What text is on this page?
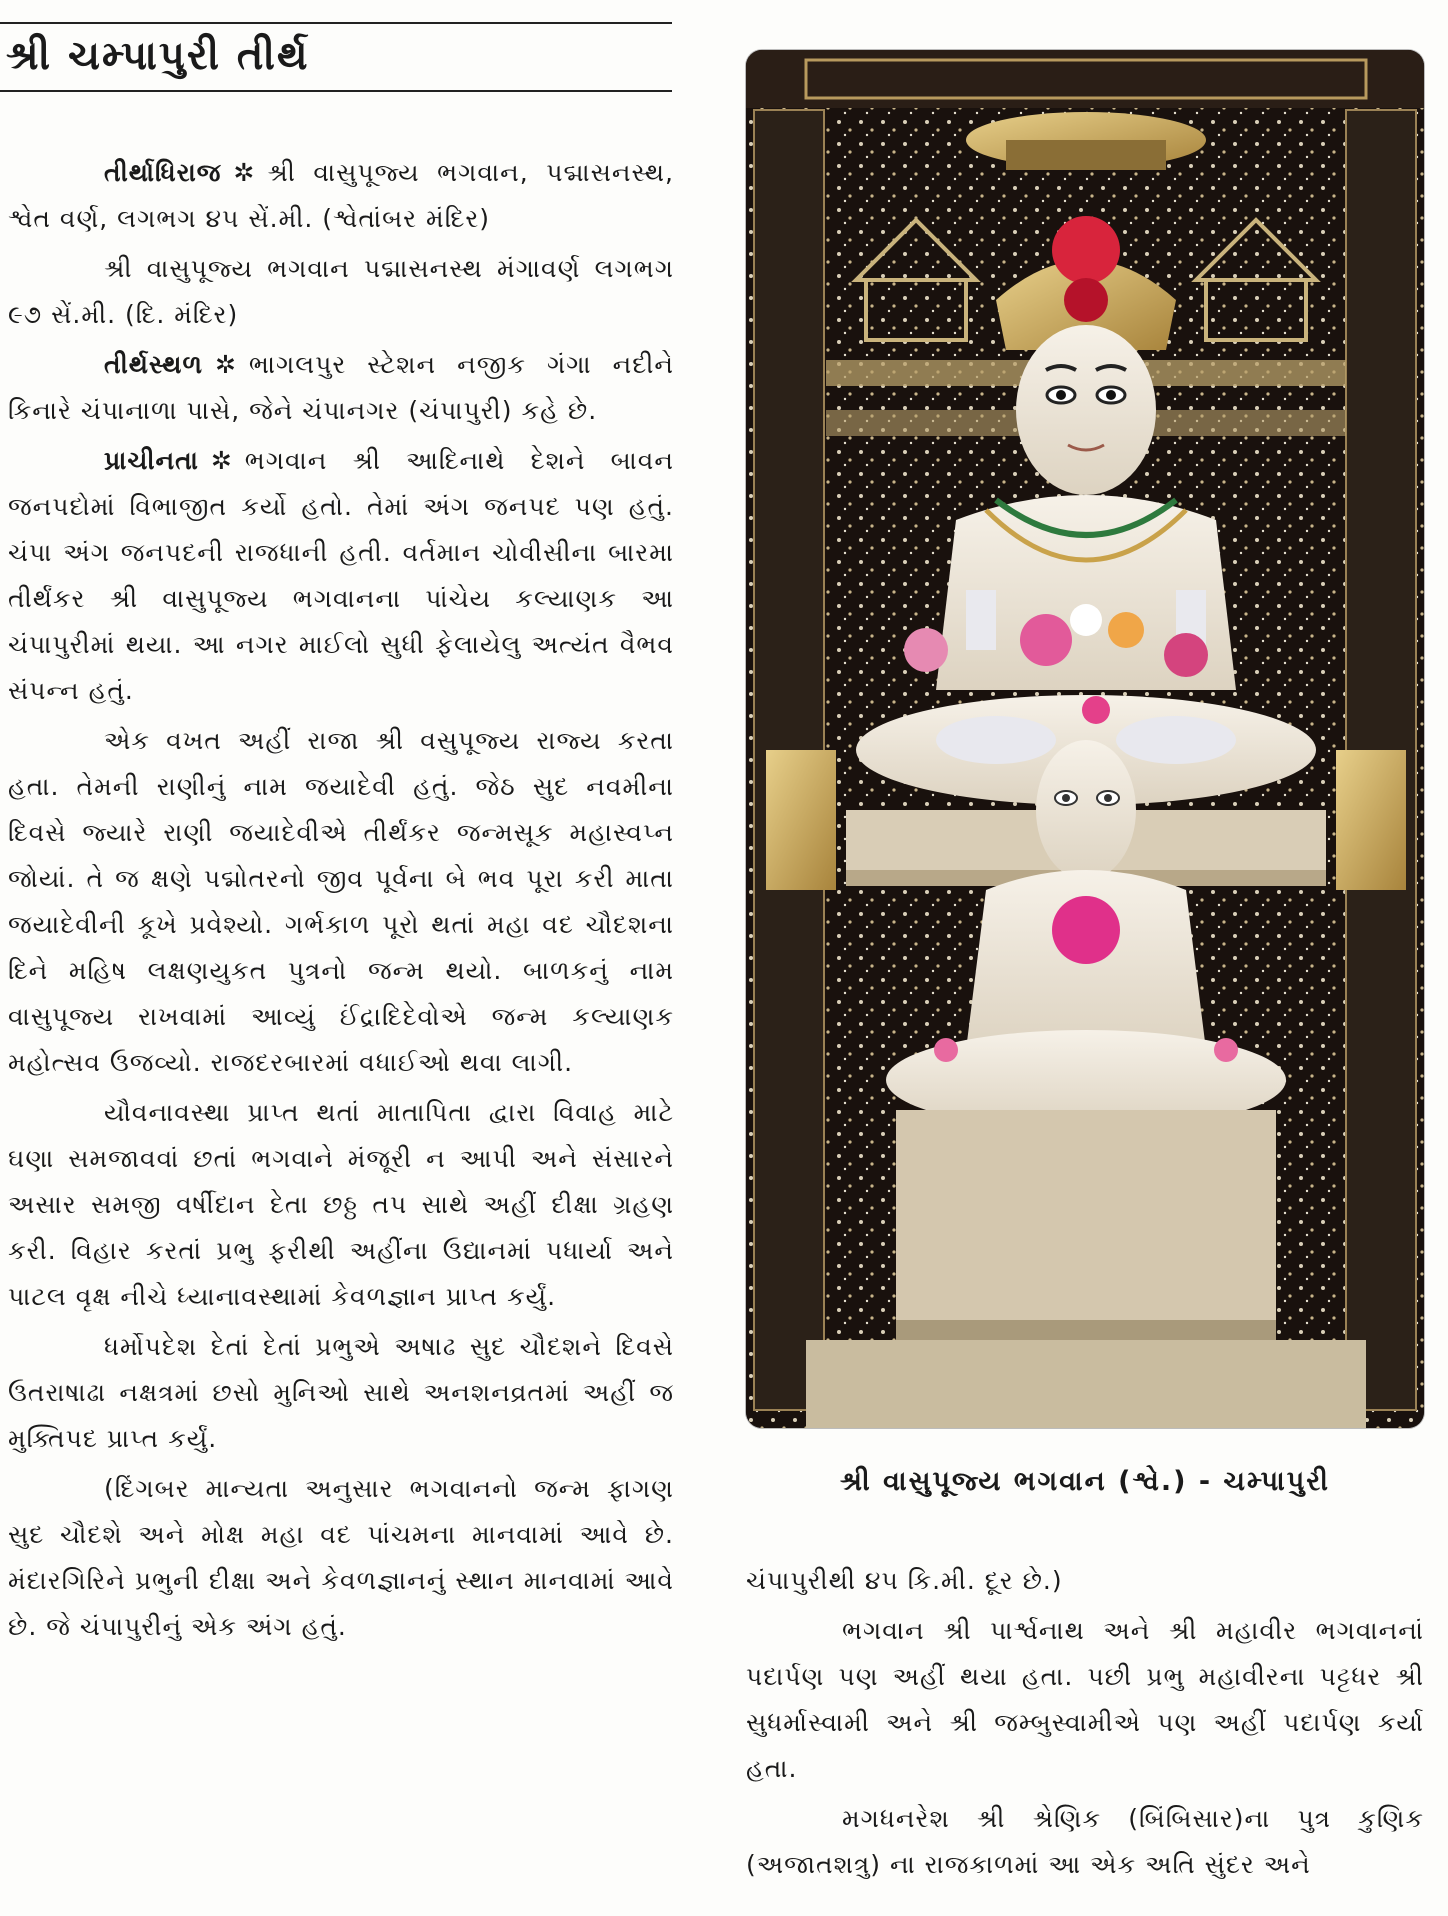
શ્રી ચમ્પાપુરી તીર્થ

તીર્થાધિરાજ ✲ શ્રી વાસુપૂજ્ય ભગવાન, પદ્માસનસ્થ, શ્વેત વર્ણ, લગભગ ૪૫ સેં.મી. (શ્વેતાંબર મંદિર)

શ્રી વાસુપૂજ્ય ભગવાન પદ્માસનસ્થ મંગાવર્ણ લગભગ ૯૭ સેં.મી. (દિ. મંદિર)

તીર્થસ્થળ ✲ ભાગલપુર સ્ટેશન નજીક ગંગા નદીને કિનારે ચંપાનાળા પાસે, જેને ચંપાનગર (ચંપાપુરી) કહે છે.

પ્રાચીનતા ✲ ભગવાન શ્રી આદિનાથે દેશને બાવન જનપદોમાં વિભાજીત કર્યો હતો. તેમાં અંગ જનપદ પણ હતું. ચંપા અંગ જનપદની રાજધાની હતી. વર્તમાન ચોવીસીના બારમા તીર્થંકર શ્રી વાસુપૂજ્ય ભગવાનના પાંચેય કલ્યાણક આ ચંપાપુરીમાં થયા. આ નગર માઈલો સુધી ફેલાયેલુ અત્યંત વૈભવ સંપન્ન હતું.

એક વખત અહીં રાજા શ્રી વસુપૂજ્ય રાજ્ય કરતા હતા. તેમની રાણીનું નામ જયાદેવી હતું. જેઠ સુદ નવમીના દિવસે જ્યારે રાણી જયાદેવીએ તીર્થંકર જન્મસૂક મહાસ્વપ્ન જોયાં. તે જ ક્ષણે પદ્મોતરનો જીવ પૂર્વના બે ભવ પૂરા કરી માતા જયાદેવીની કૂખે પ્રવેશ્યો. ગર્ભકાળ પૂરો થતાં મહા વદ ચૌદશના દિને મહિષ લક્ષણયુકત પુત્રનો જન્મ થયો. બાળકનું નામ વાસુપૂજ્ય રાખવામાં આવ્યું ઈંદ્રાદિદેવોએ જન્મ કલ્યાણક મહોત્સવ ઉજવ્યો. રાજદરબારમાં વધાઈઓ થવા લાગી.

યૌવનાવસ્થા પ્રાપ્ત થતાં માતાપિતા દ્વારા વિવાહ માટે ઘણા સમજાવવાં છતાં ભગવાને મંજૂરી ન આપી અને સંસારને અસાર સમજી વર્ષીદાન દેતા છઠ્ઠ તપ સાથે અહીં દીક્ષા ગ્રહણ કરી. વિહાર કરતાં પ્રભુ ફરીથી અહીંના ઉદ્યાનમાં પધાર્યા અને પાટલ વૃક્ષ નીચે ધ્યાનાવસ્થામાં કેવળજ્ઞાન પ્રાપ્ત કર્યું.

ધર્મોપદેશ દેતાં દેતાં પ્રભુએ અષાઢ સુદ ચૌદશને દિવસે ઉતરાષાઢા નક્ષત્રમાં છસો મુનિઓ સાથે અનશનવ્રતમાં અહીં જ મુક્તિપદ પ્રાપ્ત કર્યું.

(દિંગબર માન્યતા અનુસાર ભગવાનનો જન્મ ફાગણ સુદ ચૌદશે અને મોક્ષ મહા વદ પાંચમના માનવામાં આવે છે. મંદારગિરિને પ્રભુની દીક્ષા અને કેવળજ્ઞાનનું સ્થાન માનવામાં આવે છે. જે ચંપાપુરીનું એક અંગ હતું.

શ્રી વાસુપૂજ્ય ભગવાન (શ્વે.) - ચમ્પાપુરી

ચંપાપુરીથી ૪૫ કિ.મી. દૂર છે.)

ભગવાન શ્રી પાર્શ્વનાથ અને શ્રી મહાવીર ભગવાનનાં પદાર્પણ પણ અહીં થયા હતા. પછી પ્રભુ મહાવીરના પટ્ટધર શ્રી સુધર્માસ્વામી અને શ્રી જમ્બુસ્વામીએ પણ અહીં પદાર્પણ કર્યા હતા.

મગધનરેશ શ્રી શ્રેણિક (બિંબિસાર)ના પુત્ર કુણિક (અજાતશત્રુ) ના રાજકાળમાં આ એક અતિ સુંદર અને
